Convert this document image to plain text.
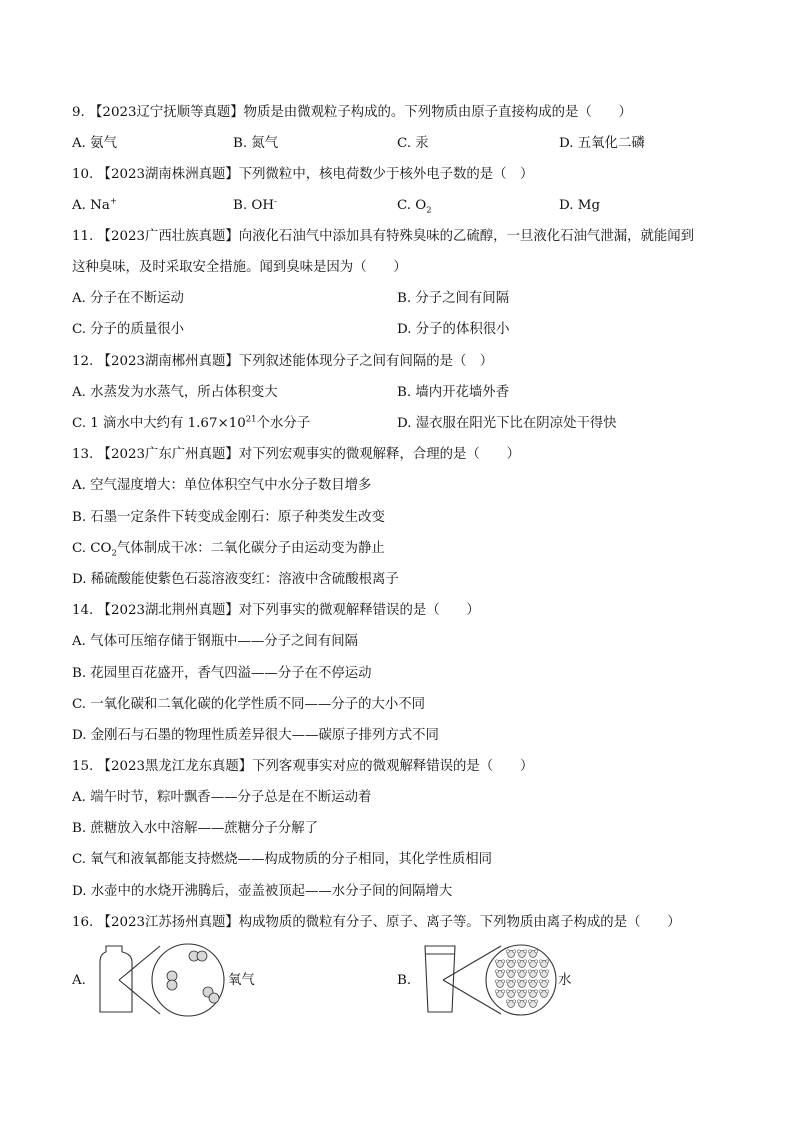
9. 【2023辽宁抚顺等真题】物质是由微观粒子构成的。下列物质由原子直接构成的是（　　）
A. 氨气	B. 氮气	C. 汞	D. 五氧化二磷
10. 【2023湖南株洲真题】下列微粒中，核电荷数少于核外电子数的是（　）
A. Na+	B. OH-	C. $O_2$	D. Mg
11. 【2023广西壮族真题】向液化石油气中添加具有特殊臭味的乙硫醇，一旦液化石油气泄漏，就能闻到
这种臭味，及时采取安全措施。闻到臭味是因为（　　）
A. 分子在不断运动	B. 分子之间有间隔
C. 分子的质量很小	D. 分子的体积很小
12. 【2023湖南郴州真题】下列叙述能体现分子之间有间隔的是（　）
A. 水蒸发为水蒸气，所占体积变大	B. 墙内开花墙外香
C. 1 滴水中大约有 $1.67\times 10^{21}$个水分子	D. 湿衣服在阳光下比在阴凉处干得快
13. 【2023广东广州真题】对下列宏观事实的微观解释，合理的是（　　）
A. 空气湿度增大：单位体积空气中水分子数目增多
B. 石墨一定条件下转变成金刚石：原子种类发生改变
C. $CO_2$气体制成干冰：二氧化碳分子由运动变为静止
D. 稀硫酸能使紫色石蕊溶液变红：溶液中含硫酸根离子
14. 【2023湖北荆州真题】对下列事实的微观解释错误的是（　　）
A. 气体可压缩存储于钢瓶中——分子之间有间隔
B. 花园里百花盛开，香气四溢——分子在不停运动
C. 一氧化碳和二氧化碳的化学性质不同——分子的大小不同
D. 金刚石与石墨的物理性质差异很大——碳原子排列方式不同
15. 【2023黑龙江龙东真题】下列客观事实对应的微观解释错误的是（　　）
A. 端午时节，粽叶飘香——分子总是在不断运动着
B. 蔗糖放入水中溶解——蔗糖分子分解了
C. 氧气和液氧都能支持燃烧——构成物质的分子相同，其化学性质相同
D. 水壶中的水烧开沸腾后，壶盖被顶起——水分子间的间隔增大
16. 【2023江苏扬州真题】构成物质的微粒有分子、原子、离子等。下列物质由离子构成的是（　　）
A.	B.
氧气	水
